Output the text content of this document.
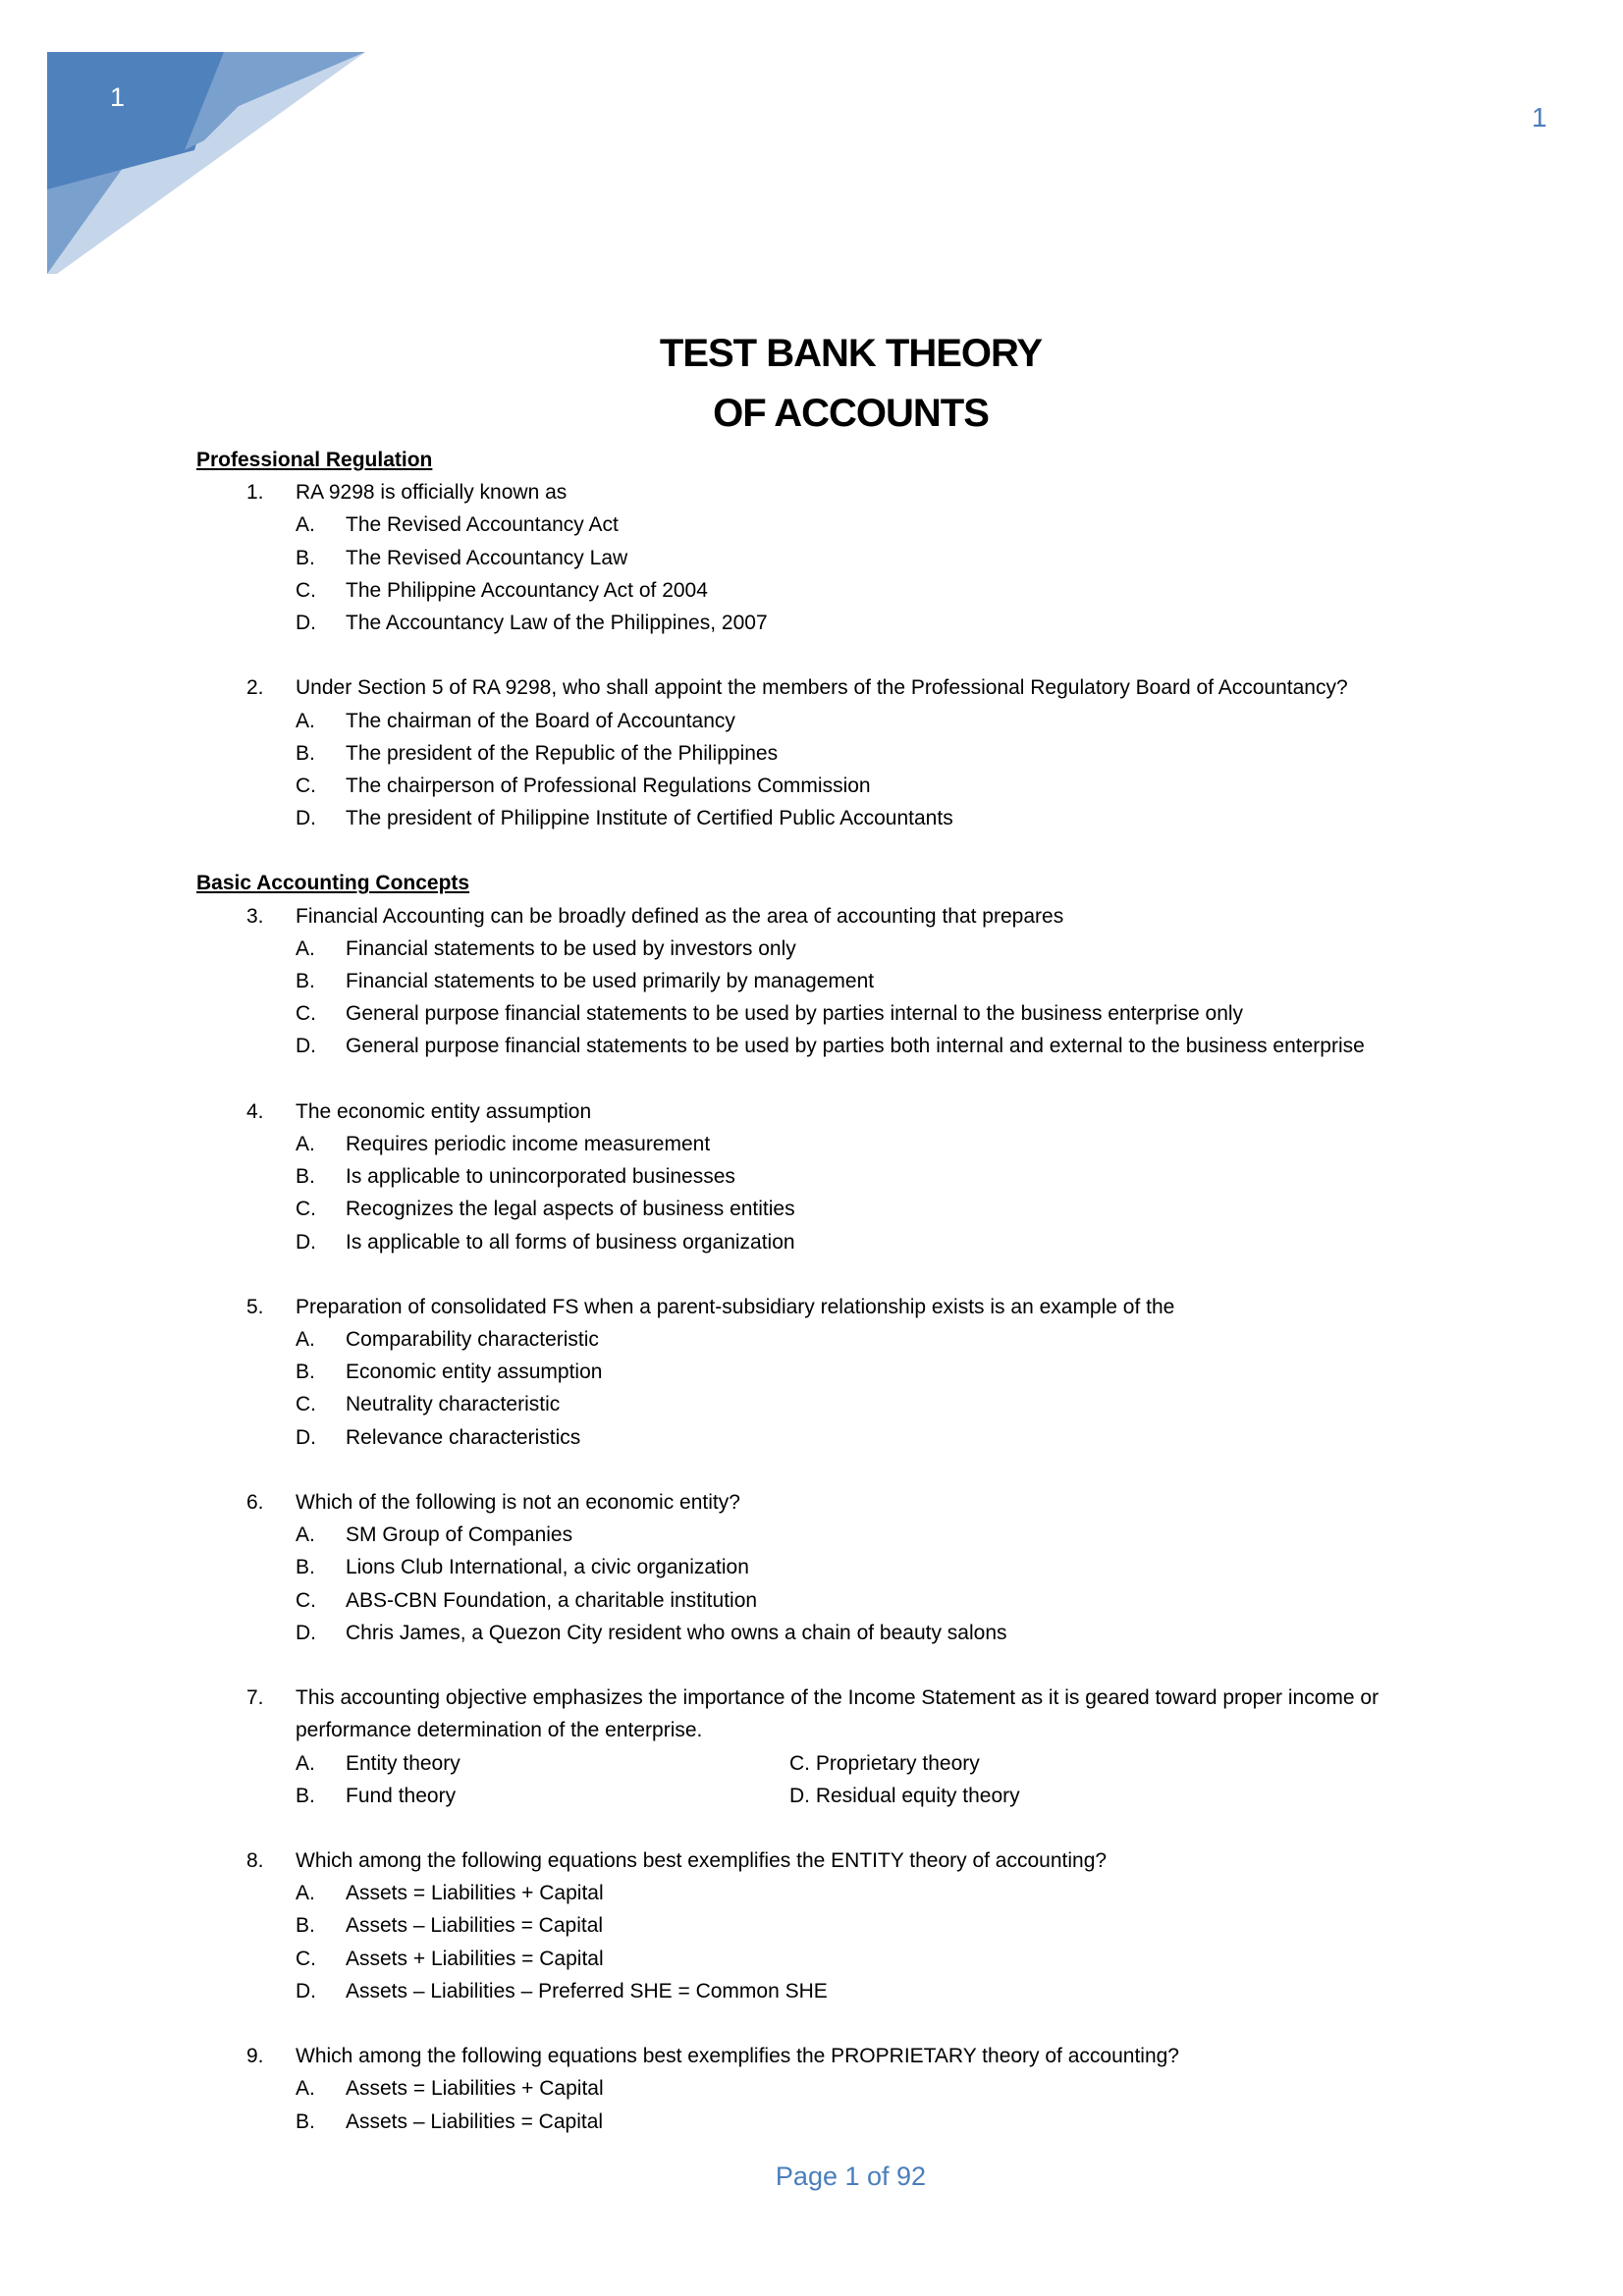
1
1
TEST BANK THEORY
OF ACCOUNTS
Professional Regulation
1. RA 9298 is officially known as
A. The Revised Accountancy Act
B. The Revised Accountancy Law
C. The Philippine Accountancy Act of 2004
D. The Accountancy Law of the Philippines, 2007
2. Under Section 5 of RA 9298, who shall appoint the members of the Professional Regulatory Board of Accountancy?
A. The chairman of the Board of Accountancy
B. The president of the Republic of the Philippines
C. The chairperson of Professional Regulations Commission
D. The president of Philippine Institute of Certified Public Accountants
Basic Accounting Concepts
3. Financial Accounting can be broadly defined as the area of accounting that prepares
A. Financial statements to be used by investors only
B. Financial statements to be used primarily by management
C. General purpose financial statements to be used by parties internal to the business enterprise only
D. General purpose financial statements to be used by parties both internal and external to the business enterprise
4. The economic entity assumption
A. Requires periodic income measurement
B. Is applicable to unincorporated businesses
C. Recognizes the legal aspects of business entities
D. Is applicable to all forms of business organization
5. Preparation of consolidated FS when a parent-subsidiary relationship exists is an example of the
A. Comparability characteristic
B. Economic entity assumption
C. Neutrality characteristic
D. Relevance characteristics
6. Which of the following is not an economic entity?
A. SM Group of Companies
B. Lions Club International, a civic organization
C. ABS-CBN Foundation, a charitable institution
D. Chris James, a Quezon City resident who owns a chain of beauty salons
7. This accounting objective emphasizes the importance of the Income Statement as it is geared toward proper income or
performance determination of the enterprise.
A. Entity theory	C. Proprietary theory
B. Fund theory	D. Residual equity theory
8. Which among the following equations best exemplifies the ENTITY theory of accounting?
A. Assets = Liabilities + Capital
B. Assets – Liabilities = Capital
C. Assets + Liabilities = Capital
D. Assets – Liabilities – Preferred SHE = Common SHE
9. Which among the following equations best exemplifies the PROPRIETARY theory of accounting?
A. Assets = Liabilities + Capital
B. Assets – Liabilities = Capital
Page 1 of 92
